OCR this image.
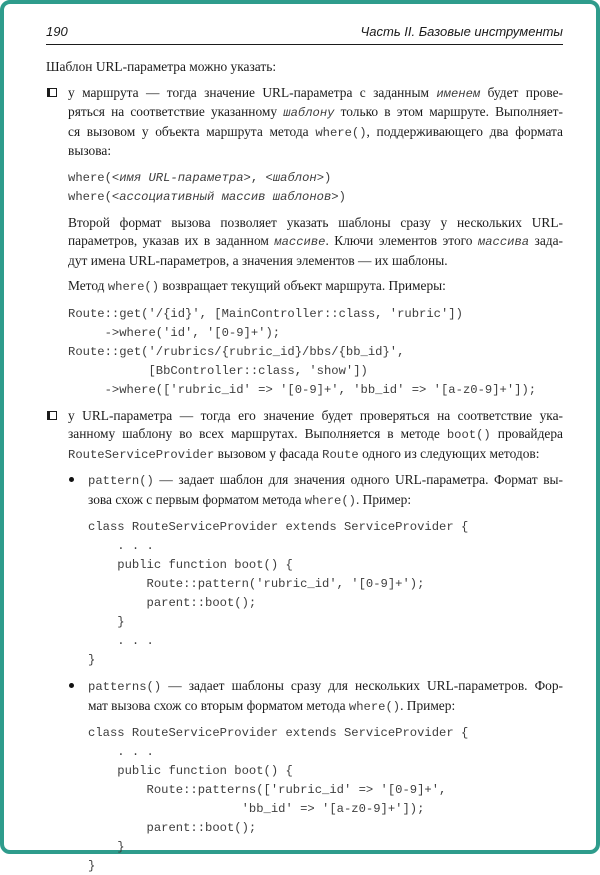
190	Часть II. Базовые инструменты
Шаблон URL-параметра можно указать:
у маршрута — тогда значение URL-параметра с заданным именем будет прове-
ряться на соответствие указанному шаблону только в этом маршруте. Выполняет-
ся вызовом у объекта маршрута метода where(), поддерживающего два формата
вызова:
where(<имя URL-параметра>, <шаблон>)
where(<ассоциативный массив шаблонов>)
Второй формат вызова позволяет указать шаблоны сразу у нескольких URL-
параметров, указав их в заданном массиве. Ключи элементов этого массива зада-
дут имена URL-параметров, а значения элементов — их шаблоны.
Метод where() возвращает текущий объект маршрута. Примеры:
Route::get('/{id}', [MainController::class, 'rubric'])
->where('id', '[0-9]+');
Route::get('/rubrics/{rubric_id}/bbs/{bb_id}',
[BbController::class, 'show'])
->where(['rubric_id' => '[0-9]+', 'bb_id' => '[a-z0-9]+']);
у URL-параметра — тогда его значение будет проверяться на соответствие ука-
занному шаблону во всех маршрутах. Выполняется в методе boot() провайдера
RouteServiceProvider вызовом у фасада Route одного из следующих методов:
pattern() — задает шаблон для значения одного URL-параметра. Формат вы-
зова схож с первым форматом метода where(). Пример:
class RouteServiceProvider extends ServiceProvider {
. . .
public function boot() {
Route::pattern('rubric_id', '[0-9]+');
parent::boot();
}
. . .
}
patterns() — задает шаблоны сразу для нескольких URL-параметров. Фор-
мат вызова схож со вторым форматом метода where(). Пример:
class RouteServiceProvider extends ServiceProvider {
. . .
public function boot() {
Route::patterns(['rubric_id' => '[0-9]+',
'bb_id' => '[a-z0-9]+']);
parent::boot();
}
}
